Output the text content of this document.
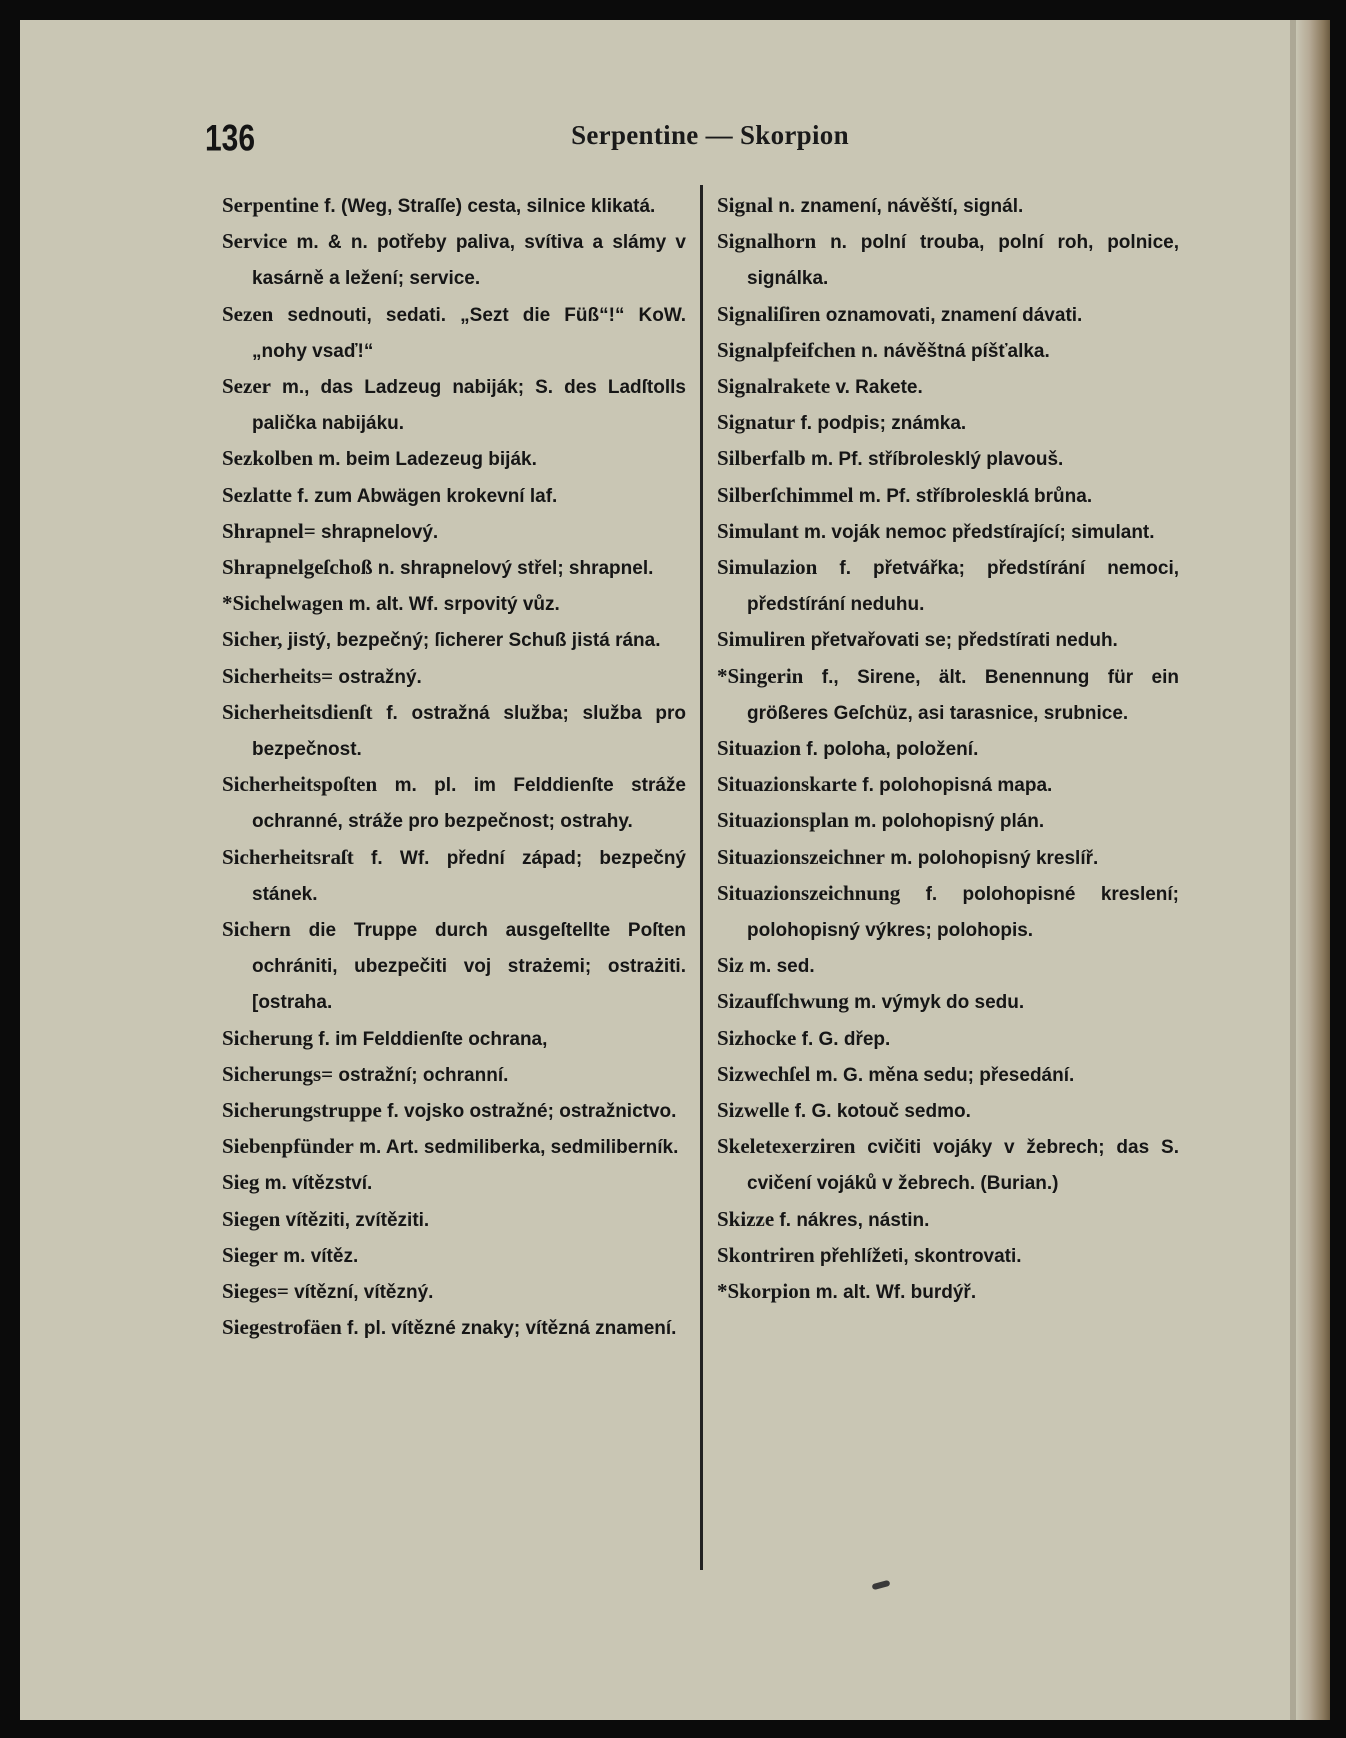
136	Serpentine — Skorpion

Serpentine f. (Weg, Straſſe) cesta, silnice klikatá.

Service m. & n. potřeby paliva, svítiva a slámy v kasárně a ležení; service.

Sezen sednouti, sedati. „Sezt die Füß“!“ KoW. „nohy vsaď!“

Sezer m., das Ladzeug nabiják; S. des Ladſtolls palička nabijáku.

Sezkolben m. beim Ladezeug biják.

Sezlatte f. zum Abwägen krokevní laf.

Shrapnel= shrapnelový.

Shrapnelgeſchoß n. shrapnelový střel; shrapnel.

*Sichelwagen m. alt. Wf. srpovitý vůz.

Sicher, jistý, bezpečný; ſicherer Schuß jistá rána.

Sicherheits= ostražný.

Sicherheitsdienſt f. ostražná služba; služba pro bezpečnost.

Sicherheitspoſten m. pl. im Felddienſte stráže ochranné, stráže pro bezpečnost; ostrahy.

Sicherheitsraſt f. Wf. přední západ; bezpečný stánek.

Sichern die Truppe durch ausgeſtellte Poſten ochrániti, ubezpečiti voj strażemi; ostrażiti. [ostraha.

Sicherung f. im Felddienſte ochrana,

Sicherungs= ostražní; ochranní.

Sicherungstruppe f. vojsko ostražné; ostražnictvo.

Siebenpfünder m. Art. sedmiliberka, sedmiliberník.

Sieg m. vítězství.

Siegen vítěziti, zvítěziti.

Sieger m. vítěz.

Sieges= vítězní, vítězný.

Siegestrofäen f. pl. vítězné znaky; vítězná znamení.

Signal n. znamení, návěští, signál.

Signalhorn n. polní trouba, polní roh, polnice, signálka.

Signaliſiren oznamovati, znamení dávati.

Signalpfeifchen n. návěštná píšťalka.

Signalrakete v. Rakete.

Signatur f. podpis; známka.

Silberfalb m. Pf. stříbrolesklý plavouš.

Silberſchimmel m. Pf. stříbrolesklá brůna.

Simulant m. voják nemoc předstírající; simulant.

Simulazion f. přetvářka; předstírání nemoci, předstírání neduhu.

Simuliren přetvařovati se; předstírati neduh.

*Singerin f., Sirene, ält. Benennung für ein größeres Geſchüz, asi tarasnice, srubnice.

Situazion f. poloha, položení.

Situazionskarte f. polohopisná mapa.

Situazionsplan m. polohopisný plán.

Situazionszeichner m. polohopisný kreslíř.

Situazionszeichnung f. polohopisné kreslení; polohopisný výkres; polohopis.

Siz m. sed.

Sizaufſchwung m. výmyk do sedu.

Sizhocke f. G. dřep.

Sizwechſel m. G. měna sedu; přesedání.

Sizwelle f. G. kotouč sedmo.

Skeletexerziren cvičiti vojáky v žebrech; das S. cvičení vojáků v žebrech. (Burian.)

Skizze f. nákres, nástin.

Skontriren přehlížeti, skontrovati.

*Skorpion m. alt. Wf. burdýř.
